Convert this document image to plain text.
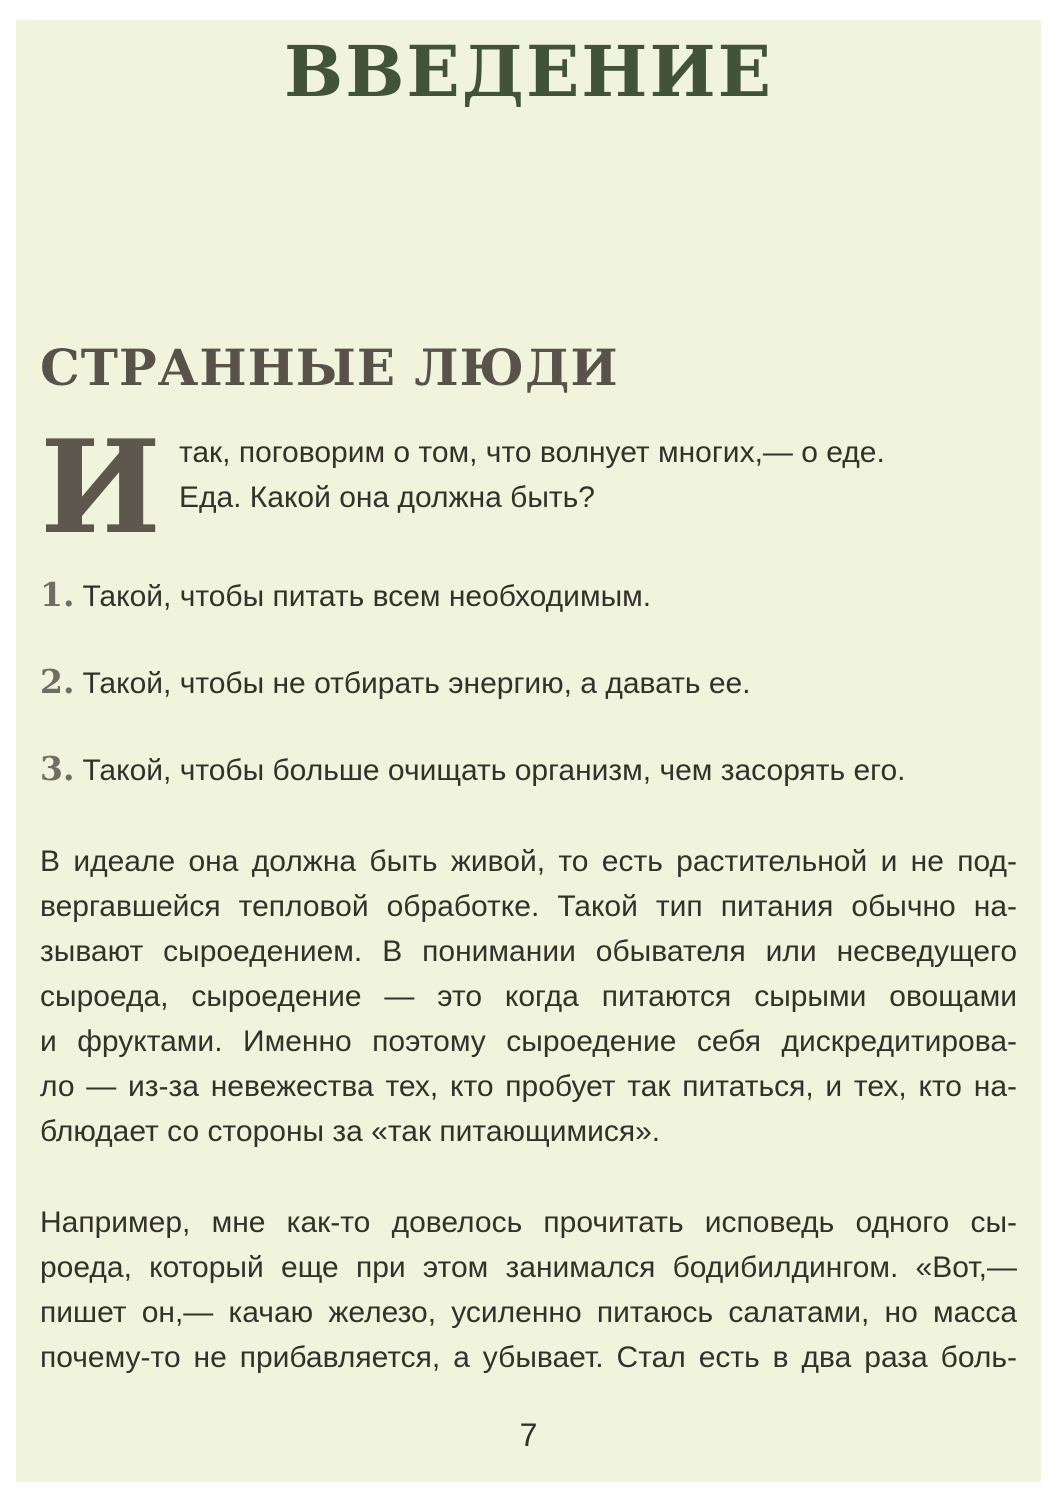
ВВЕДЕНИЕ
СТРАННЫЕ ЛЮДИ
И так, поговорим о том, что волнует многих,— о еде.
Еда. Какой она должна быть?
1. Такой, чтобы питать всем необходимым.
2. Такой, чтобы не отбирать энергию, а давать ее.
3. Такой, чтобы больше очищать организм, чем засорять его.
В идеале она должна быть живой, то есть растительной и не под-
вергавшейся тепловой обработке. Такой тип питания обычно на-
зывают сыроедением. В понимании обывателя или несведущего
сыроеда, сыроедение — это когда питаются сырыми овощами
и фруктами. Именно поэтому сыроедение себя дискредитирова-
ло — из-за невежества тех, кто пробует так питаться, и тех, кто на-
блюдает со стороны за «так питающимися».
Например, мне как-то довелось прочитать исповедь одного сы-
роеда, который еще при этом занимался бодибилдингом. «Вот,—
пишет он,— качаю железо, усиленно питаюсь салатами, но масса
почему-то не прибавляется, а убывает. Стал есть в два раза боль-
7
